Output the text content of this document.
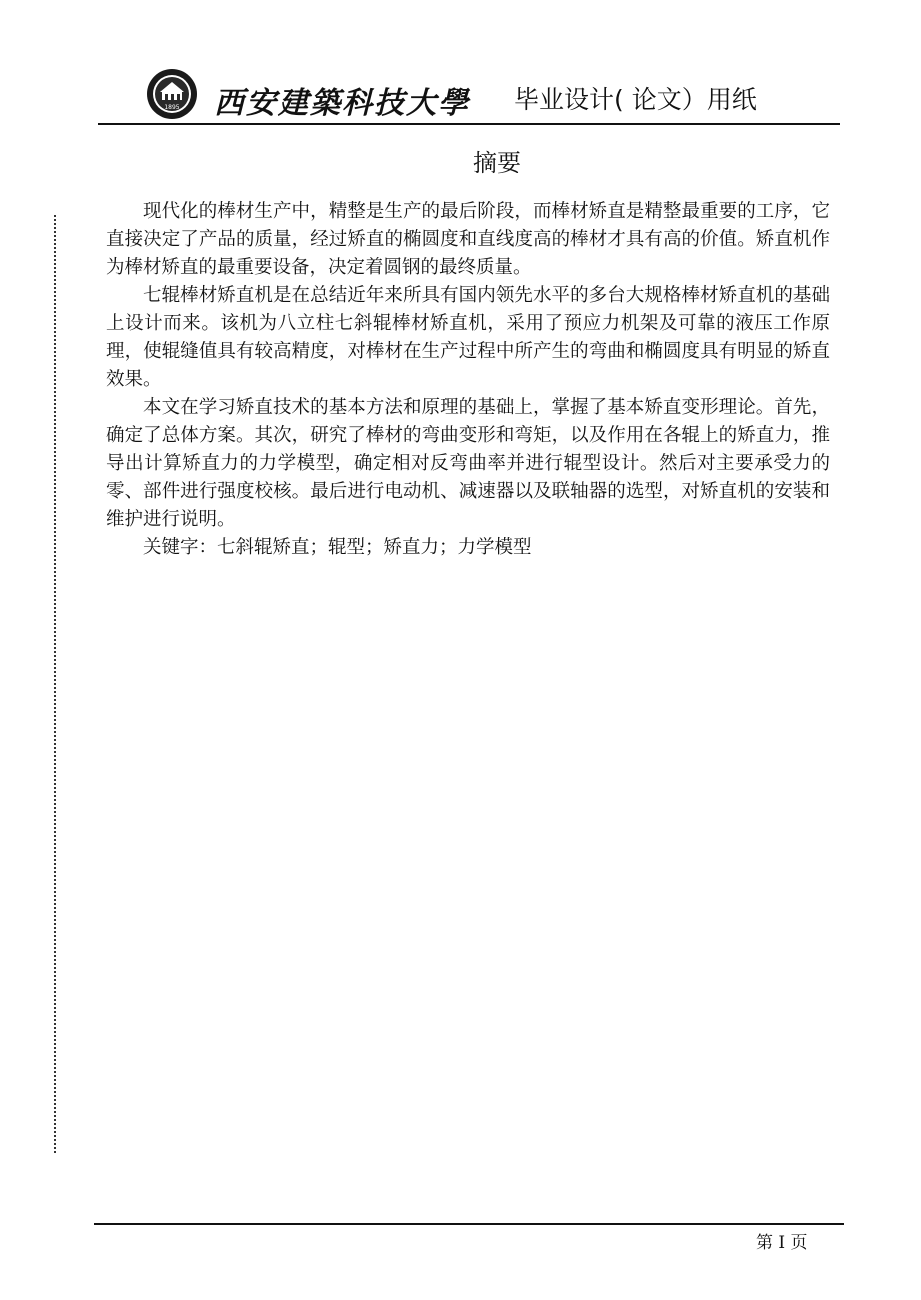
1895 西安建築科技大學 毕业设计( 论文）用纸
摘要

现代化的棒材生产中，精整是生产的最后阶段，而棒材矫直是精整最重要的工序，它直接决定了产品的质量，经过矫直的椭圆度和直线度高的棒材才具有高的价值。矫直机作为棒材矫直的最重要设备，决定着圆钢的最终质量。

七辊棒材矫直机是在总结近年来所具有国内领先水平的多台大规格棒材矫直机的基础上设计而来。该机为八立柱七斜辊棒材矫直机，采用了预应力机架及可靠的液压工作原理，使辊缝值具有较高精度，对棒材在生产过程中所产生的弯曲和椭圆度具有明显的矫直效果。

本文在学习矫直技术的基本方法和原理的基础上，掌握了基本矫直变形理论。首先，确定了总体方案。其次，研究了棒材的弯曲变形和弯矩，以及作用在各辊上的矫直力，推导出计算矫直力的力学模型，确定相对反弯曲率并进行辊型设计。然后对主要承受力的零、部件进行强度校核。最后进行电动机、减速器以及联轴器的选型，对矫直机的安装和维护进行说明。

关键字：七斜辊矫直；辊型；矫直力；力学模型

第 I 页
